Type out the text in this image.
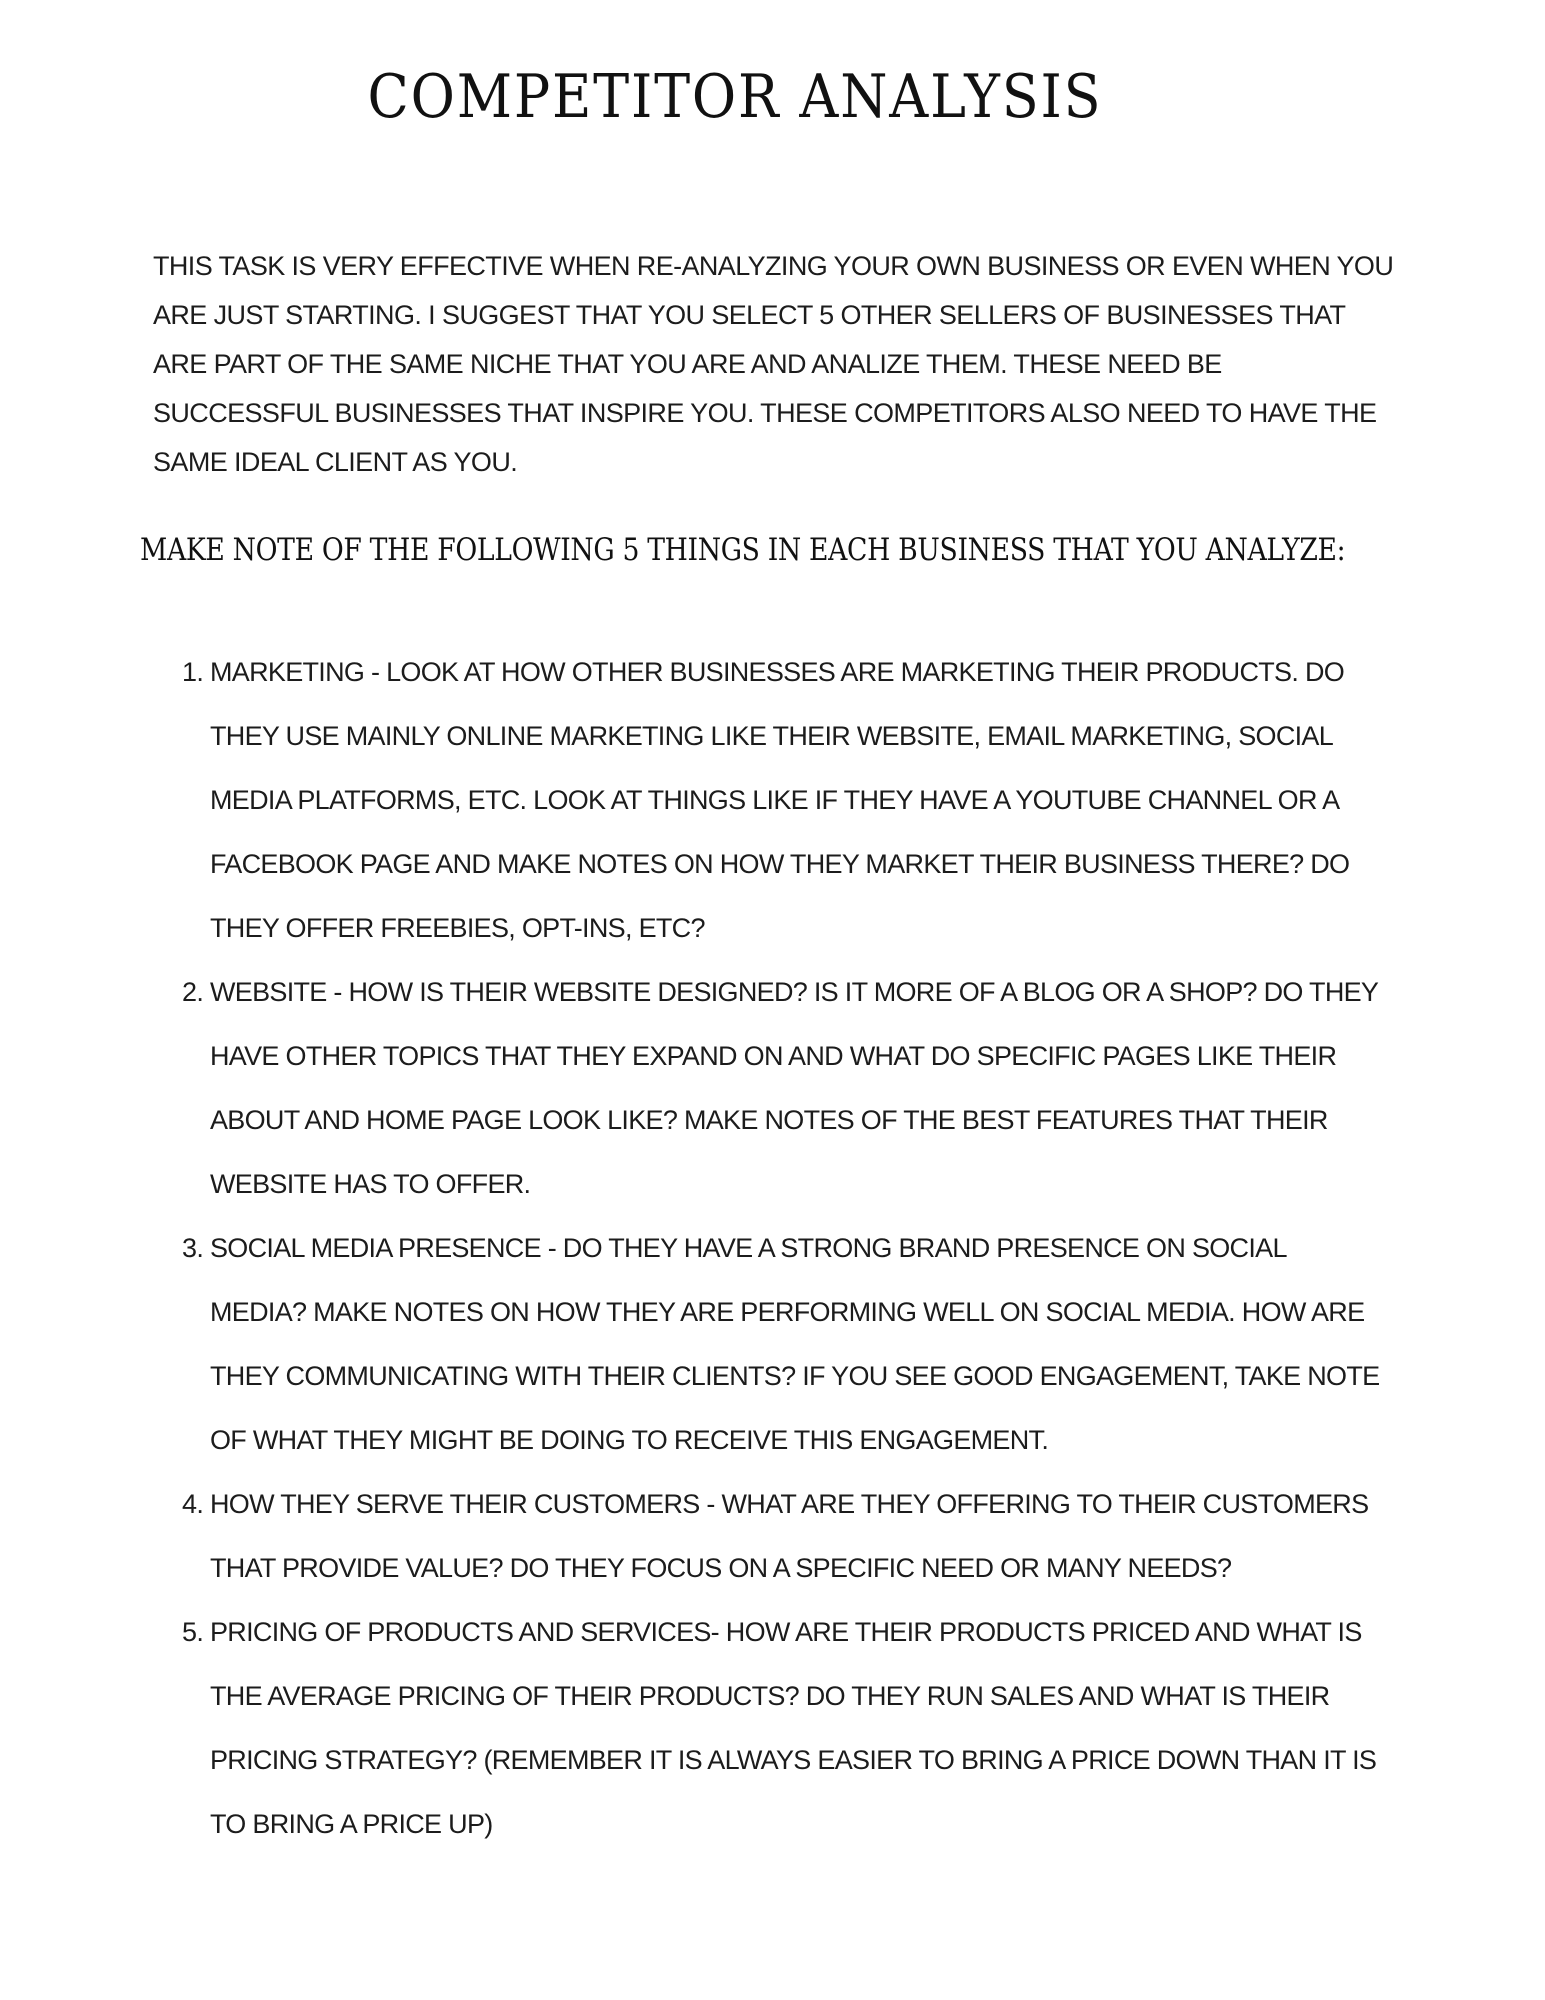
COMPETITOR ANALYSIS

THIS TASK IS VERY EFFECTIVE WHEN RE-ANALYZING YOUR OWN BUSINESS OR EVEN WHEN YOU ARE JUST STARTING. I SUGGEST THAT YOU SELECT 5 OTHER SELLERS OF BUSINESSES THAT ARE PART OF THE SAME NICHE THAT YOU ARE AND ANALIZE THEM. THESE NEED BE SUCCESSFUL BUSINESSES THAT INSPIRE YOU. THESE COMPETITORS ALSO NEED TO HAVE THE SAME IDEAL CLIENT AS YOU.

MAKE NOTE OF THE FOLLOWING 5 THINGS IN EACH BUSINESS THAT YOU ANALYZE:
1. MARKETING - LOOK AT HOW OTHER BUSINESSES ARE MARKETING THEIR PRODUCTS. DO THEY USE MAINLY ONLINE MARKETING LIKE THEIR WEBSITE, EMAIL MARKETING, SOCIAL MEDIA PLATFORMS, ETC. LOOK AT THINGS LIKE IF THEY HAVE A YOUTUBE CHANNEL OR A FACEBOOK PAGE AND MAKE NOTES ON HOW THEY MARKET THEIR BUSINESS THERE? DO THEY OFFER FREEBIES, OPT-INS, ETC?
2. WEBSITE - HOW IS THEIR WEBSITE DESIGNED? IS IT MORE OF A BLOG OR A SHOP? DO THEY HAVE OTHER TOPICS THAT THEY EXPAND ON AND WHAT DO SPECIFIC PAGES LIKE THEIR ABOUT AND HOME PAGE LOOK LIKE? MAKE NOTES OF THE BEST FEATURES THAT THEIR WEBSITE HAS TO OFFER.
3. SOCIAL MEDIA PRESENCE - DO THEY HAVE A STRONG BRAND PRESENCE ON SOCIAL MEDIA? MAKE NOTES ON HOW THEY ARE PERFORMING WELL ON SOCIAL MEDIA. HOW ARE THEY COMMUNICATING WITH THEIR CLIENTS? IF YOU SEE GOOD ENGAGEMENT, TAKE NOTE OF WHAT THEY MIGHT BE DOING TO RECEIVE THIS ENGAGEMENT.
4. HOW THEY SERVE THEIR CUSTOMERS - WHAT ARE THEY OFFERING TO THEIR CUSTOMERS THAT PROVIDE VALUE? DO THEY FOCUS ON A SPECIFIC NEED OR MANY NEEDS?
5. PRICING OF PRODUCTS AND SERVICES- HOW ARE THEIR PRODUCTS PRICED AND WHAT IS THE AVERAGE PRICING OF THEIR PRODUCTS? DO THEY RUN SALES AND WHAT IS THEIR PRICING STRATEGY? (REMEMBER IT IS ALWAYS EASIER TO BRING A PRICE DOWN THAN IT IS TO BRING A PRICE UP)
